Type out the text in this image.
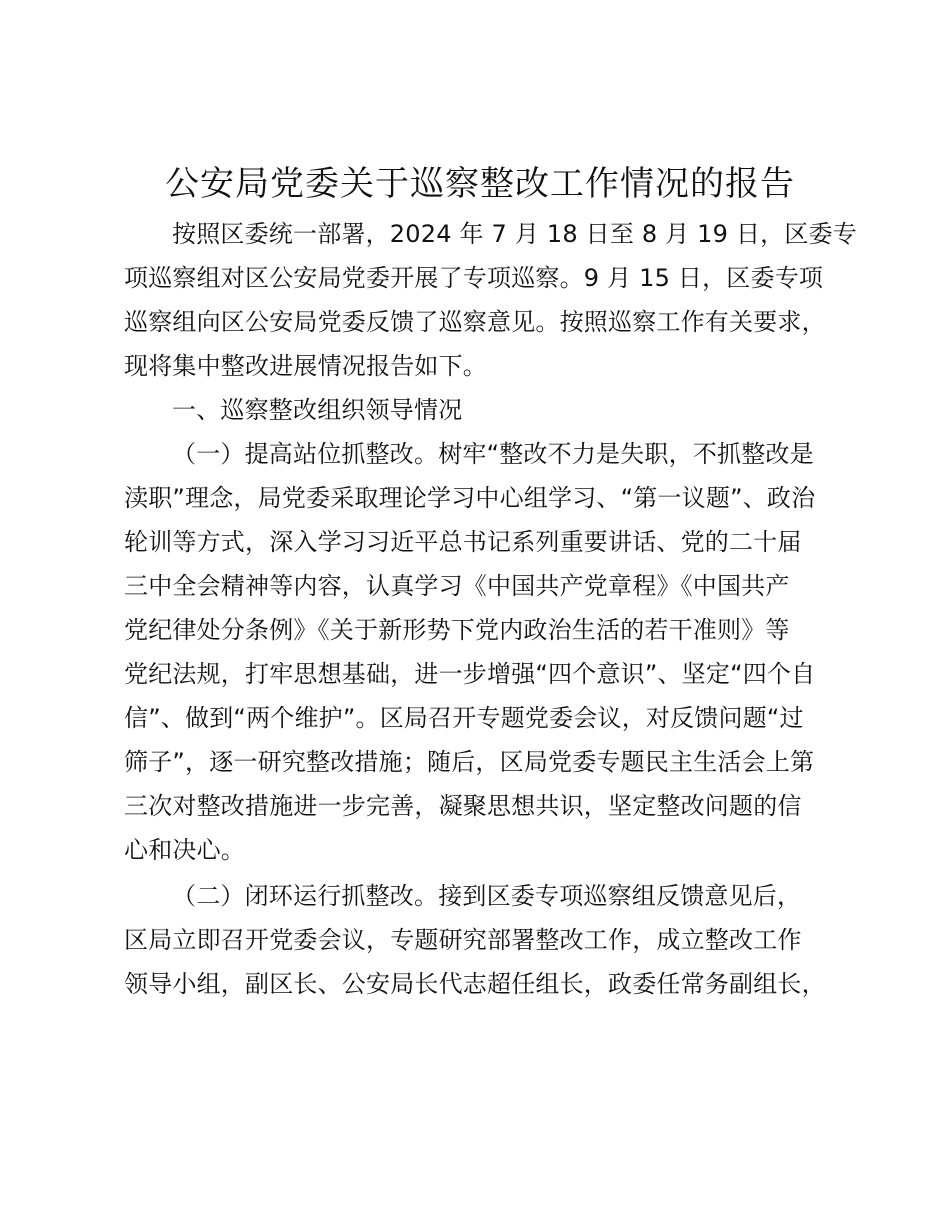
公安局党委关于巡察整改工作情况的报告
按照区委统一部署，2024 年 7 月 18 日至 8 月 19 日，区委专
项巡察组对区公安局党委开展了专项巡察。9 月 15 日，区委专项
巡察组向区公安局党委反馈了巡察意见。按照巡察工作有关要求，
现将集中整改进展情况报告如下。
一、巡察整改组织领导情况
（一）提高站位抓整改。树牢“整改不力是失职，不抓整改是
渎职”理念，局党委采取理论学习中心组学习、“第一议题”、政治
轮训等方式，深入学习习近平总书记系列重要讲话、党的二十届
三中全会精神等内容，认真学习《中国共产党章程》《中国共产
党纪律处分条例》《关于新形势下党内政治生活的若干准则》等
党纪法规，打牢思想基础，进一步增强“四个意识”、坚定“四个自
信”、做到“两个维护”。区局召开专题党委会议，对反馈问题“过
筛子”，逐一研究整改措施；随后，区局党委专题民主生活会上第
三次对整改措施进一步完善，凝聚思想共识，坚定整改问题的信
心和决心。
（二）闭环运行抓整改。接到区委专项巡察组反馈意见后，
区局立即召开党委会议，专题研究部署整改工作，成立整改工作
领导小组，副区长、公安局长代志超任组长，政委任常务副组长，
